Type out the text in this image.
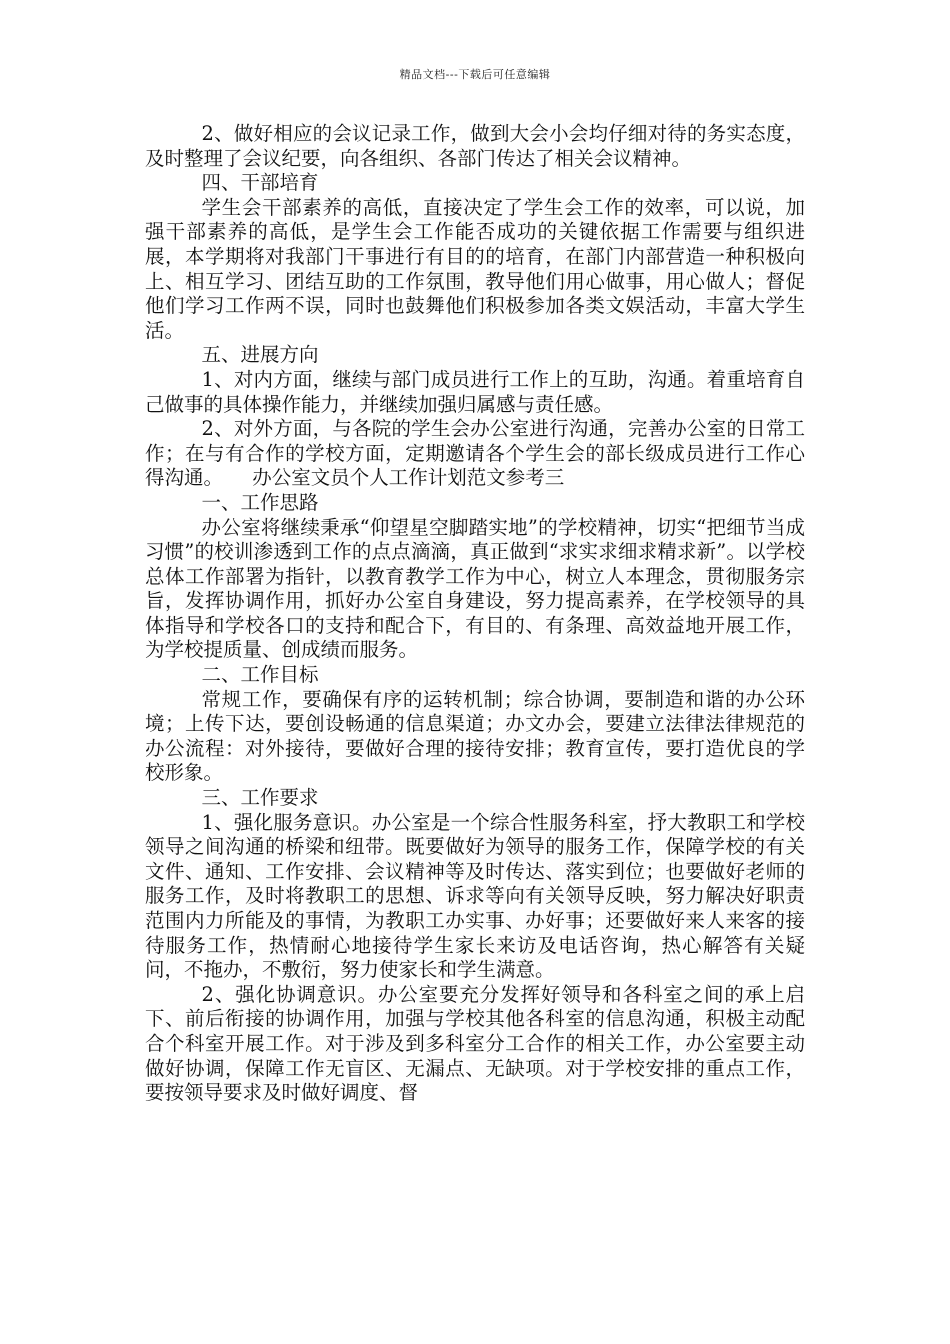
精品文档---下载后可任意编辑

2、做好相应的会议记录工作，做到大会小会均仔细对待的务实态度，及时整理了会议纪要，向各组织、各部门传达了相关会议精神。

四、干部培育

学生会干部素养的高低，直接决定了学生会工作的效率，可以说，加强干部素养的高低，是学生会工作能否成功的关键依据工作需要与组织进展，本学期将对我部门干事进行有目的的培育，在部门内部营造一种积极向上、相互学习、团结互助的工作氛围，教导他们用心做事，用心做人；督促他们学习工作两不误，同时也鼓舞他们积极参加各类文娱活动，丰富大学生活。

五、进展方向

1、对内方面，继续与部门成员进行工作上的互助，沟通。着重培育自己做事的具体操作能力，并继续加强归属感与责任感。

2、对外方面，与各院的学生会办公室进行沟通，完善办公室的日常工作；在与有合作的学校方面，定期邀请各个学生会的部长级成员进行工作心得沟通。　　办公室文员个人工作计划范文参考三

一、工作思路

办公室将继续秉承“仰望星空脚踏实地”的学校精神，切实“把细节当成习惯”的校训渗透到工作的点点滴滴，真正做到“求实求细求精求新”。以学校总体工作部署为指针，以教育教学工作为中心，树立人本理念，贯彻服务宗旨，发挥协调作用，抓好办公室自身建设，努力提高素养，在学校领导的具体指导和学校各口的支持和配合下，有目的、有条理、高效益地开展工作，为学校提质量、创成绩而服务。

二、工作目标

常规工作，要确保有序的运转机制；综合协调，要制造和谐的办公环境；上传下达，要创设畅通的信息渠道；办文办会，要建立法律法律规范的办公流程：对外接待，要做好合理的接待安排；教育宣传，要打造优良的学校形象。

三、工作要求

1、强化服务意识。办公室是一个综合性服务科室，抒大教职工和学校领导之间沟通的桥梁和纽带。既要做好为领导的服务工作，保障学校的有关文件、通知、工作安排、会议精神等及时传达、落实到位；也要做好老师的服务工作，及时将教职工的思想、诉求等向有关领导反映，努力解决好职责范围内力所能及的事情，为教职工办实事、办好事；还要做好来人来客的接待服务工作，热情耐心地接待学生家长来访及电话咨询，热心解答有关疑问，不拖办，不敷衍，努力使家长和学生满意。

2、强化协调意识。办公室要充分发挥好领导和各科室之间的承上启下、前后衔接的协调作用，加强与学校其他各科室的信息沟通，积极主动配合个科室开展工作。对于涉及到多科室分工合作的相关工作，办公室要主动做好协调，保障工作无盲区、无漏点、无缺项。对于学校安排的重点工作，要按领导要求及时做好调度、督
